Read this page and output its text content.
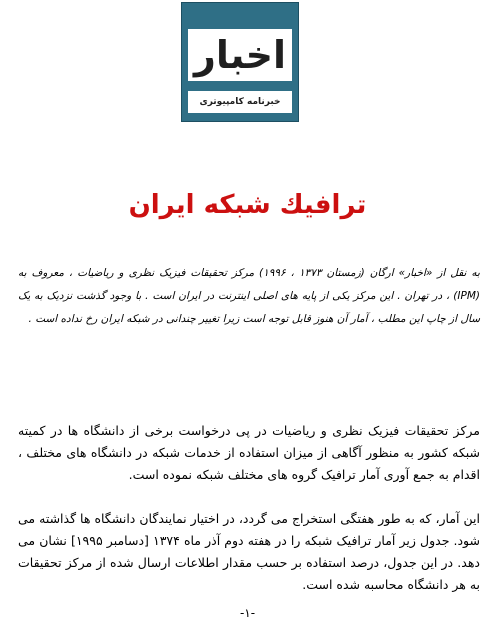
اخبار
خبرنامه کامپیوتری
ترافیك شبكه ایران
به نقل از «اخبار» ارگان (زمستان ۱۳۷۳ ، ۱۹۹۶) مرکز تحقیقات فیزیک نظری و ریاضیات ، معروف به (IPM) ، در تهران . این مرکز یکی از پایه های اصلی اینترنت در ایران است . با وجود گذشت نزدیک به یک سال از چاپ این مطلب ، آمار آن هنوز قابل توجه است زیرا تغییر چندانی در شبکه ایران رخ نداده است .
مرکز تحقیقات فیزیک نظری و ریاضیات در پی درخواست برخی از دانشگاه ها در کمیته شبکه کشور به منظور آگاهی از میزان استفاده از خدمات شبکه در دانشگاه های مختلف ، اقدام به جمع آوری آمار ترافیک گروه های مختلف شبکه نموده است.
این آمار، که به طور هفتگی استخراج می گردد، در اختیار نمایندگان دانشگاه ها گذاشته می شود. جدول زیر آمار ترافیک شبکه را در هفته دوم آذر ماه ۱۳۷۴ [دسامبر ۱۹۹۵] نشان می دهد. در این جدول، درصد استفاده بر حسب مقدار اطلاعات ارسال شده از مرکز تحقیقات به هر دانشگاه محاسبه شده است.
-۱-
